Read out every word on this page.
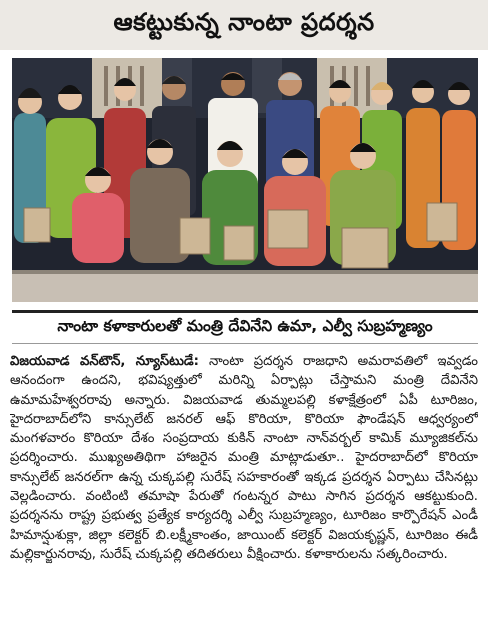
ఆకట్టుకున్న నాంటా ప్రదర్శన
నాంటా కళాకారులతో మంత్రి దేవినేని ఉమా, ఎల్వీ సుబ్రహ్మణ్యం
విజయవాడ వన్‌టౌన్, న్యూస్‌టుడే: నాంటా ప్రదర్శన రాజధాని అమరావతిలో ఇవ్వడం ఆనందంగా ఉందని, భవిష్యత్తులో మరిన్ని ఏర్పాట్లు చేస్తామని మంత్రి దేవినేని ఉమామహేశ్వరరావు అన్నారు. విజయవాడ తుమ్మలపల్లి కళాక్షేత్రంలో ఏపీ టూరిజం, హైదరాబాద్‌లోని కాన్సులేట్ జనరల్ ఆఫ్ కొరియా, కొరియా ఫౌండేషన్ ఆధ్వర్యంలో మంగళవారం కొరియా దేశం సంప్రదాయ కుకిన్ నాంటా నాన్‌వర్బల్ కామిక్ మ్యూజికల్‌ను ప్రదర్శించారు. ముఖ్యఅతిథిగా హాజరైన మంత్రి మాట్లాడుతూ.. హైదరాబాద్‌లో కొరియా కాన్సులేట్ జనరల్‌గా ఉన్న చుక్కపల్లి సురేష్ సహకారంతో ఇక్కడ ప్రదర్శన ఏర్పాటు చేసినట్లు వెల్లడించారు. వంటింటి తమాషా పేరుతో గంటన్నర పాటు సాగిన ప్రదర్శన ఆకట్టుకుంది. ప్రదర్శనను రాష్ట్ర ప్రభుత్వ ప్రత్యేక కార్యదర్శి ఎల్వీ సుబ్రహ్మణ్యం, టూరిజం కార్పొరేషన్ ఎండీ హిమాన్షుశుక్లా, జిల్లా కలెక్టర్ బి.లక్ష్మీకాంతం, జాయింట్ కలెక్టర్ విజయకృష్ణన్, టూరిజం ఈడీ మల్లికార్జునరావు, సురేష్ చుక్కపల్లి తదితరులు వీక్షించారు. కళాకారులను సత్కరించారు.
